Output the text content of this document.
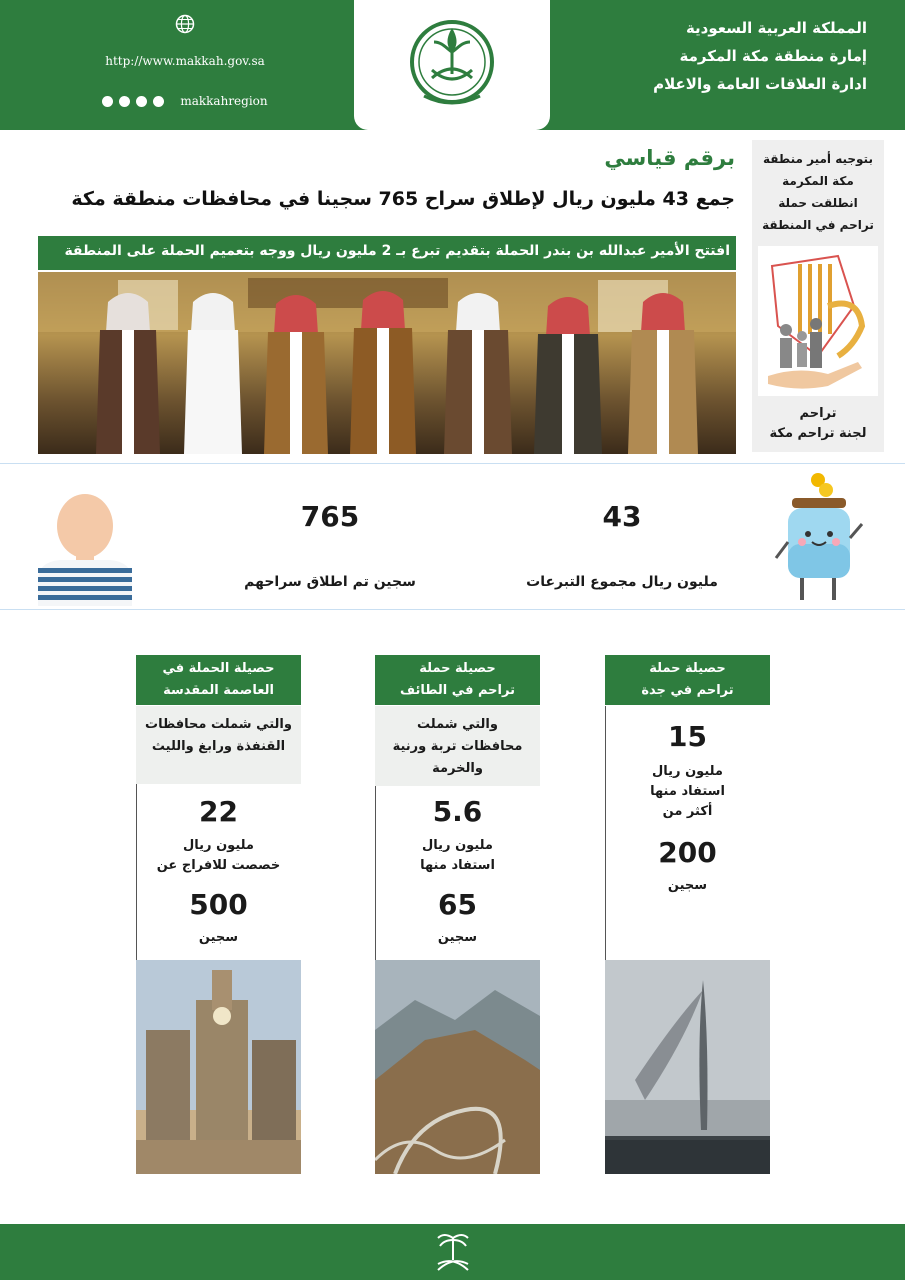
http://www.makkah.gov.sa
makkahregion
المملكة العربية السعودية
إمارة منطقة مكة المكرمة
ادارة العلاقات العامة والاعلام
برقم قياسي
جمع 43 مليون ريال لإطلاق سراح 765 سجينا في محافظات منطقة مكة
افتتح الأمير عبدالله بن بندر الحملة بتقديم تبرع بـ 2 مليون ريال ووجه بتعميم الحملة على المنطقة
بتوجيه أمير منطقة
مكة المكرمة
انطلقت حملة
تراحم في المنطقة
تراحم
لجنة تراحم مكة
765
سجين تم اطلاق سراحهم
43
مليون ريال مجموع التبرعات
حصيلة الحملة في
العاصمة المقدسة
والتي شملت محافظات
القنفذة ورابغ والليث
22
مليون ريال
خصصت للافراج عن
500
سجين
حصيلة حملة
تراحم في الطائف
والتي شملت
محافظات تربة ورنية
والخرمة
5.6
مليون ريال
استفاد منها
65
سجين
حصيلة حملة
تراحم في جدة
15
مليون ريال
استفاد منها
أكثر من
200
سجين
